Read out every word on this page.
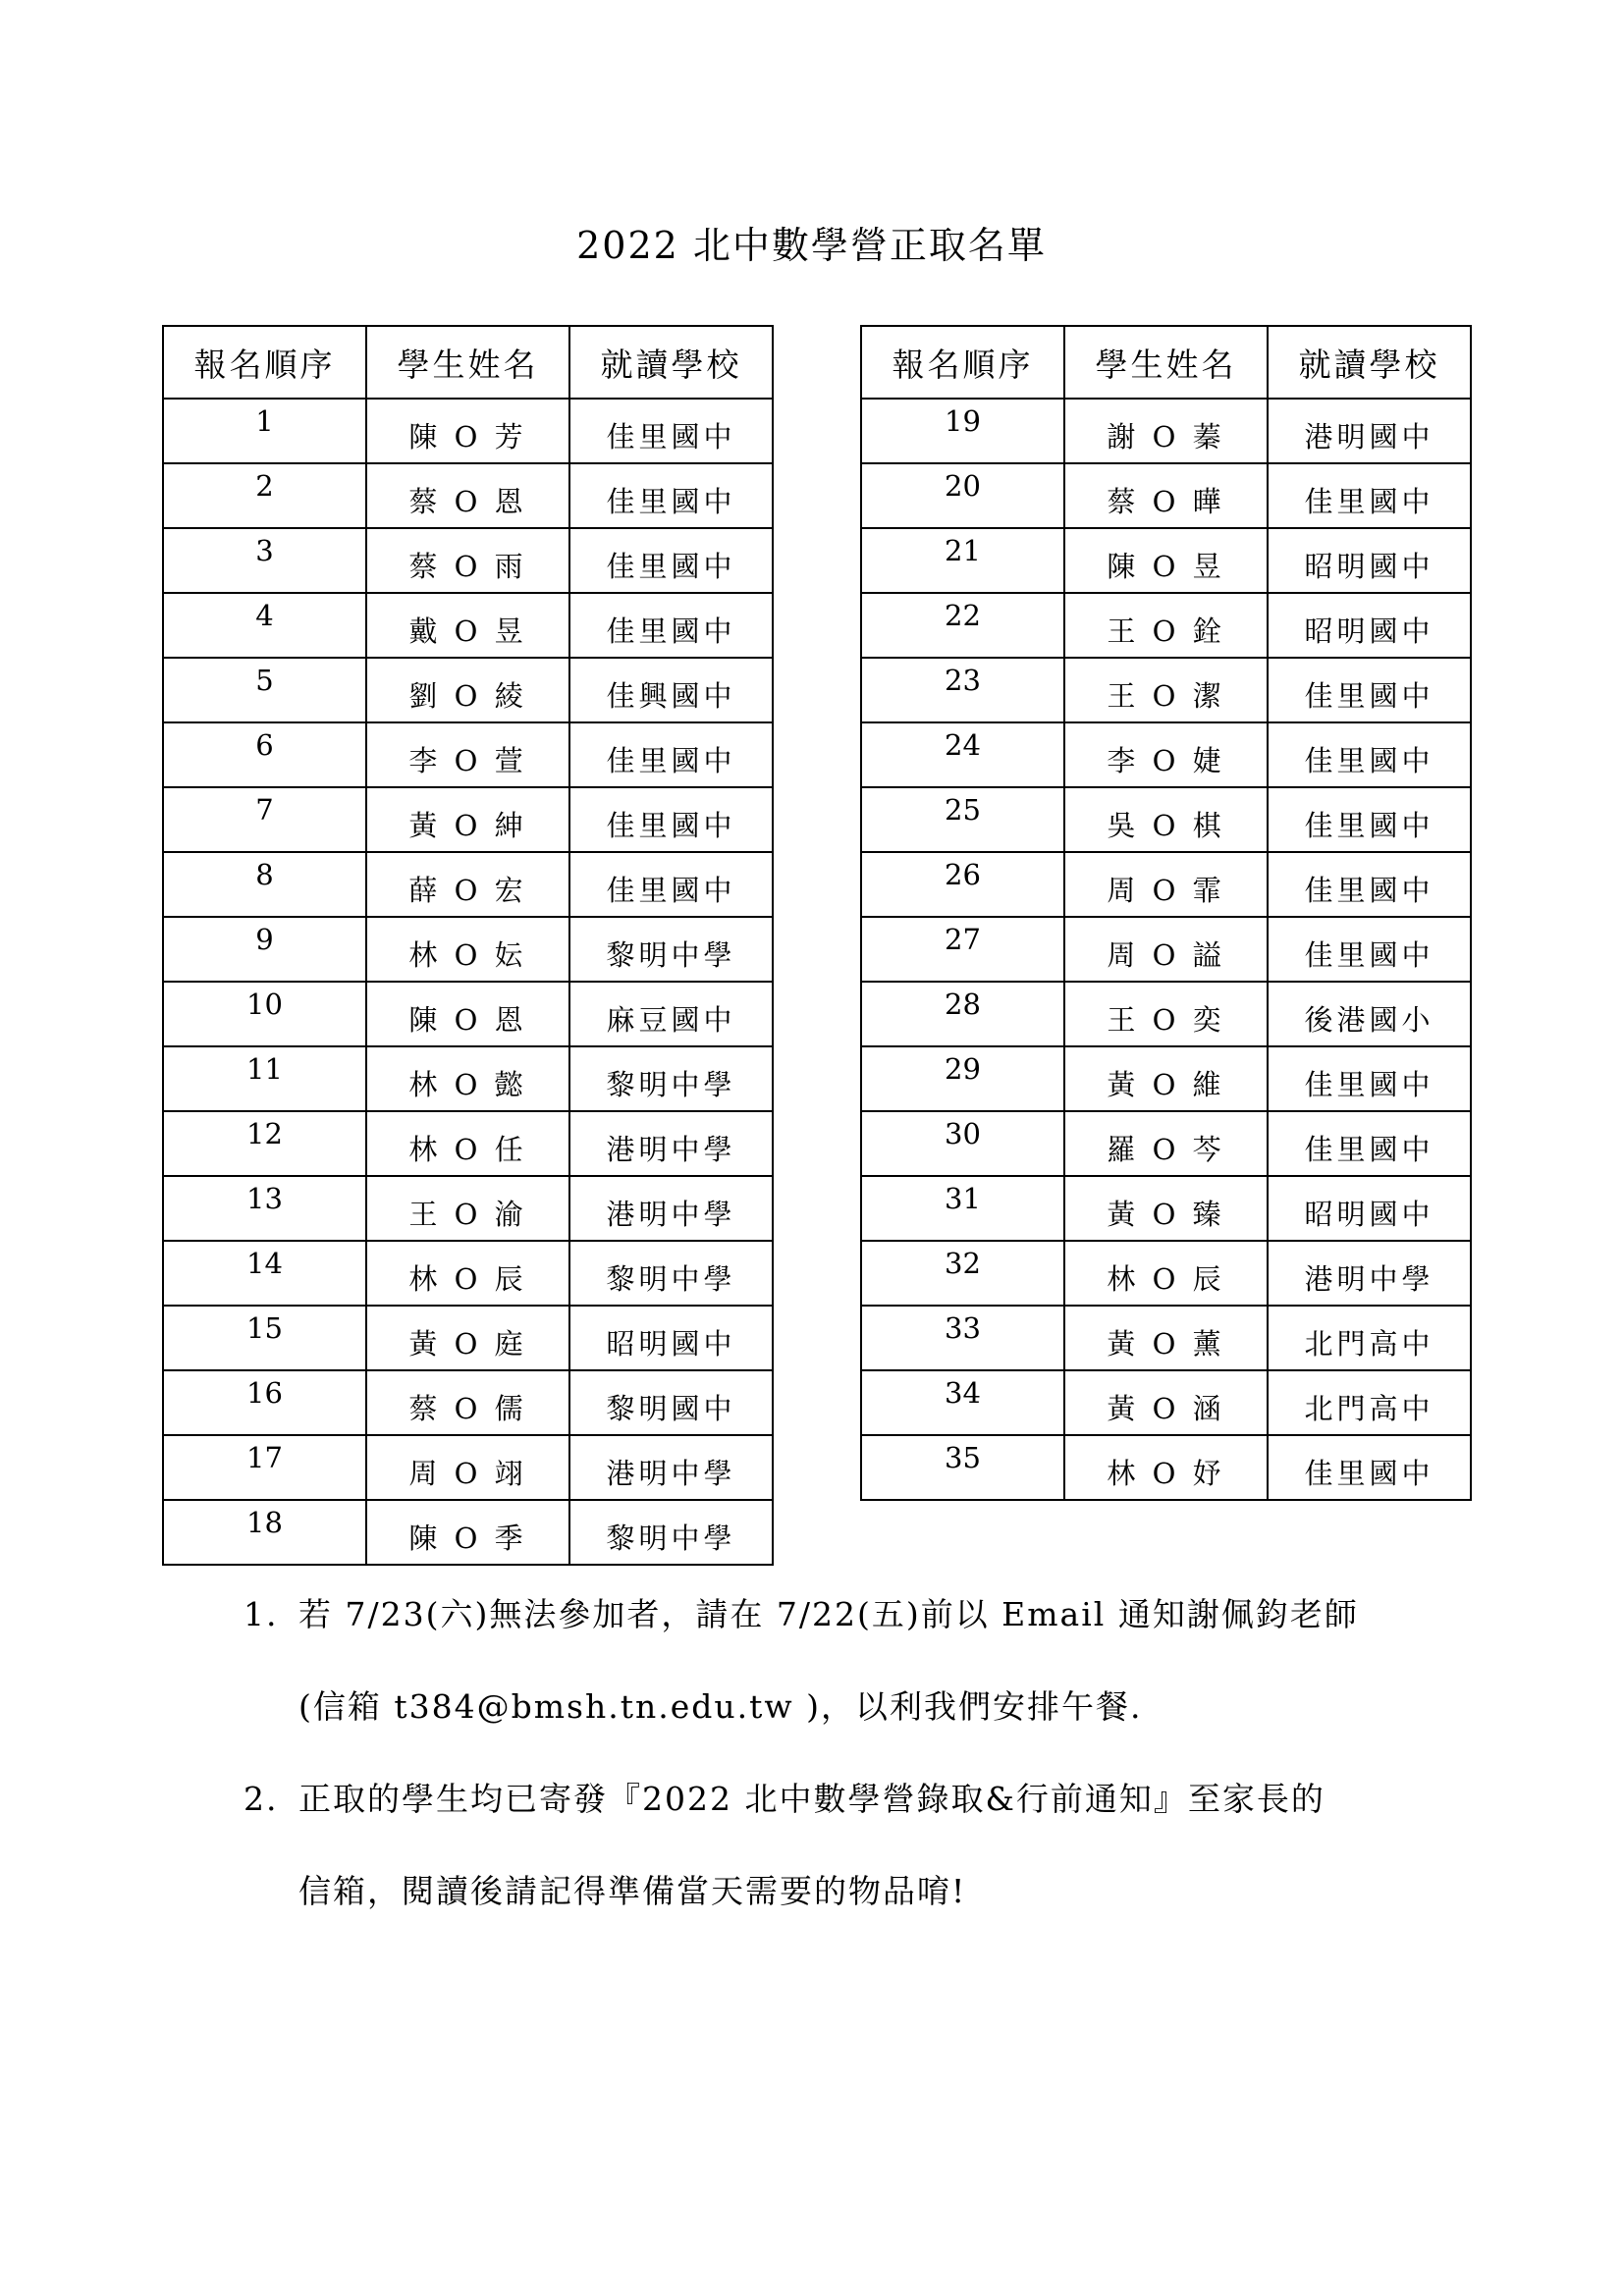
2022 北中數學營正取名單
報名順序	學生姓名	就讀學校
1	陳 O 芳	佳里國中
2	蔡 O 恩	佳里國中
3	蔡 O 雨	佳里國中
4	戴 O 昱	佳里國中
5	劉 O 綾	佳興國中
6	李 O 萱	佳里國中
7	黃 O 紳	佳里國中
8	薛 O 宏	佳里國中
9	林 O 妘	黎明中學
10	陳 O 恩	麻豆國中
11	林 O 懿	黎明中學
12	林 O 任	港明中學
13	王 O 渝	港明中學
14	林 O 辰	黎明中學
15	黃 O 庭	昭明國中
16	蔡 O 儒	黎明國中
17	周 O 翊	港明中學
18	陳 O 季	黎明中學
報名順序	學生姓名	就讀學校
19	謝 O 蓁	港明國中
20	蔡 O 曄	佳里國中
21	陳 O 昱	昭明國中
22	王 O 銓	昭明國中
23	王 O 潔	佳里國中
24	李 O 婕	佳里國中
25	吳 O 棋	佳里國中
26	周 O 霏	佳里國中
27	周 O 謚	佳里國中
28	王 O 奕	後港國小
29	黃 O 維	佳里國中
30	羅 O 芩	佳里國中
31	黃 O 臻	昭明國中
32	林 O 辰	港明中學
33	黃 O 薰	北門高中
34	黃 O 涵	北門高中
35	林 O 妤	佳里國中
1. 若 7/23(六)無法參加者，請在 7/22(五)前以 Email 通知謝佩鈞老師
(信箱 t384@bmsh.tn.edu.tw )，以利我們安排午餐.
2. 正取的學生均已寄發『2022 北中數學營錄取&行前通知』至家長的
信箱，閱讀後請記得準備當天需要的物品唷!
